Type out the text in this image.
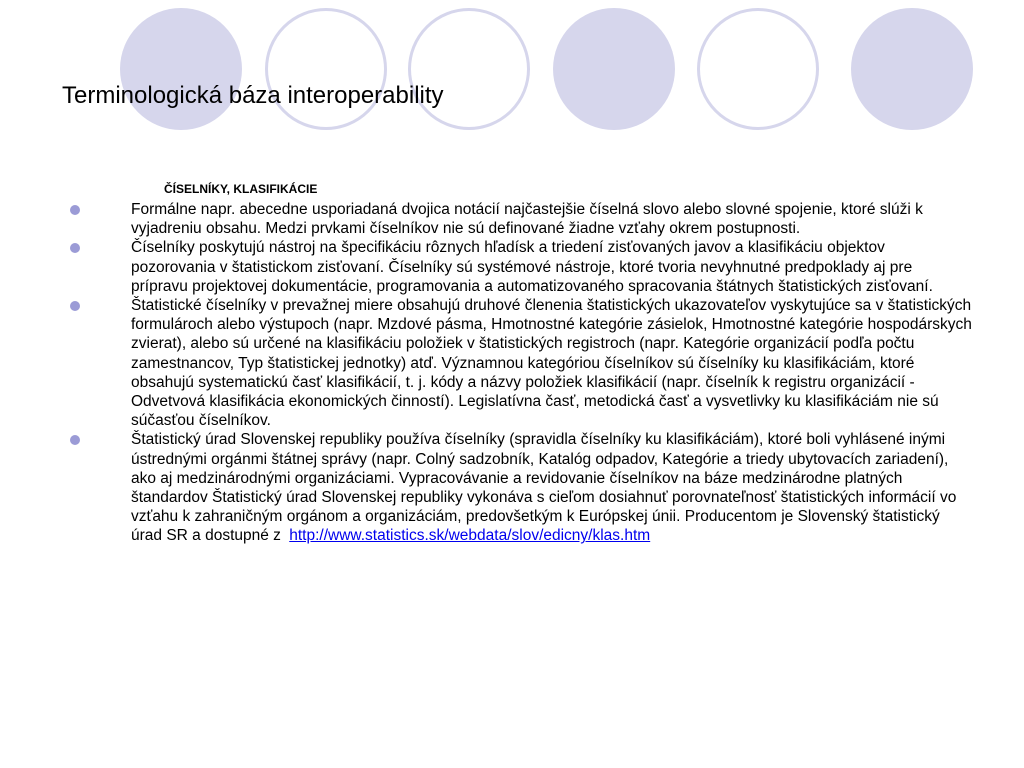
Terminologická báza interoperability
ČÍSELNÍKY, KLASIFIKÁCIE
Formálne napr. abecedne usporiadaná dvojica notácií najčastejšie číselná slovo alebo slovné spojenie, ktoré slúži k vyjadreniu obsahu. Medzi prvkami číselníkov nie sú definované žiadne vzťahy okrem postupnosti.
Číselníky poskytujú nástroj na špecifikáciu rôznych hľadísk a triedení zisťovaných javov a klasifikáciu objektov pozorovania v štatistickom zisťovaní. Číselníky sú systémové nástroje, ktoré tvoria nevyhnutné predpoklady aj pre prípravu projektovej dokumentácie, programovania a automatizovaného spracovania štátnych štatistických zisťovaní.
Štatistické číselníky v prevažnej miere obsahujú druhové členenia štatistických ukazovateľov vyskytujúce sa v štatistických formulároch alebo výstupoch (napr. Mzdové pásma, Hmotnostné kategórie zásielok, Hmotnostné kategórie hospodárskych zvierat), alebo sú určené na klasifikáciu položiek v štatistických registroch (napr. Kategórie organizácií podľa počtu zamestnancov, Typ štatistickej jednotky) atď. Významnou kategóriou číselníkov sú číselníky ku klasifikáciám, ktoré obsahujú systematickú časť klasifikácií, t. j. kódy a názvy položiek klasifikácií (napr. číselník k registru organizácií - Odvetvová klasifikácia ekonomických činností). Legislatívna časť, metodická časť a vysvetlivky ku klasifikáciám nie sú súčasťou číselníkov.
Štatistický úrad Slovenskej republiky používa číselníky (spravidla číselníky ku klasifikáciám), ktoré boli vyhlásené inými ústrednými orgánmi štátnej správy (napr. Colný sadzobník, Katalóg odpadov, Kategórie a triedy ubytovacích zariadení), ako aj medzinárodnými organizáciami. Vypracovávanie a revidovanie číselníkov na báze medzinárodne platných štandardov Štatistický úrad Slovenskej republiky vykonáva s cieľom dosiahnuť porovnateľnosť štatistických informácií vo vzťahu k zahraničným orgánom a organizáciám, predovšetkým k Európskej únii. Producentom je Slovenský štatistický úrad SR a dostupné z http://www.statistics.sk/webdata/slov/edicny/klas.htm
